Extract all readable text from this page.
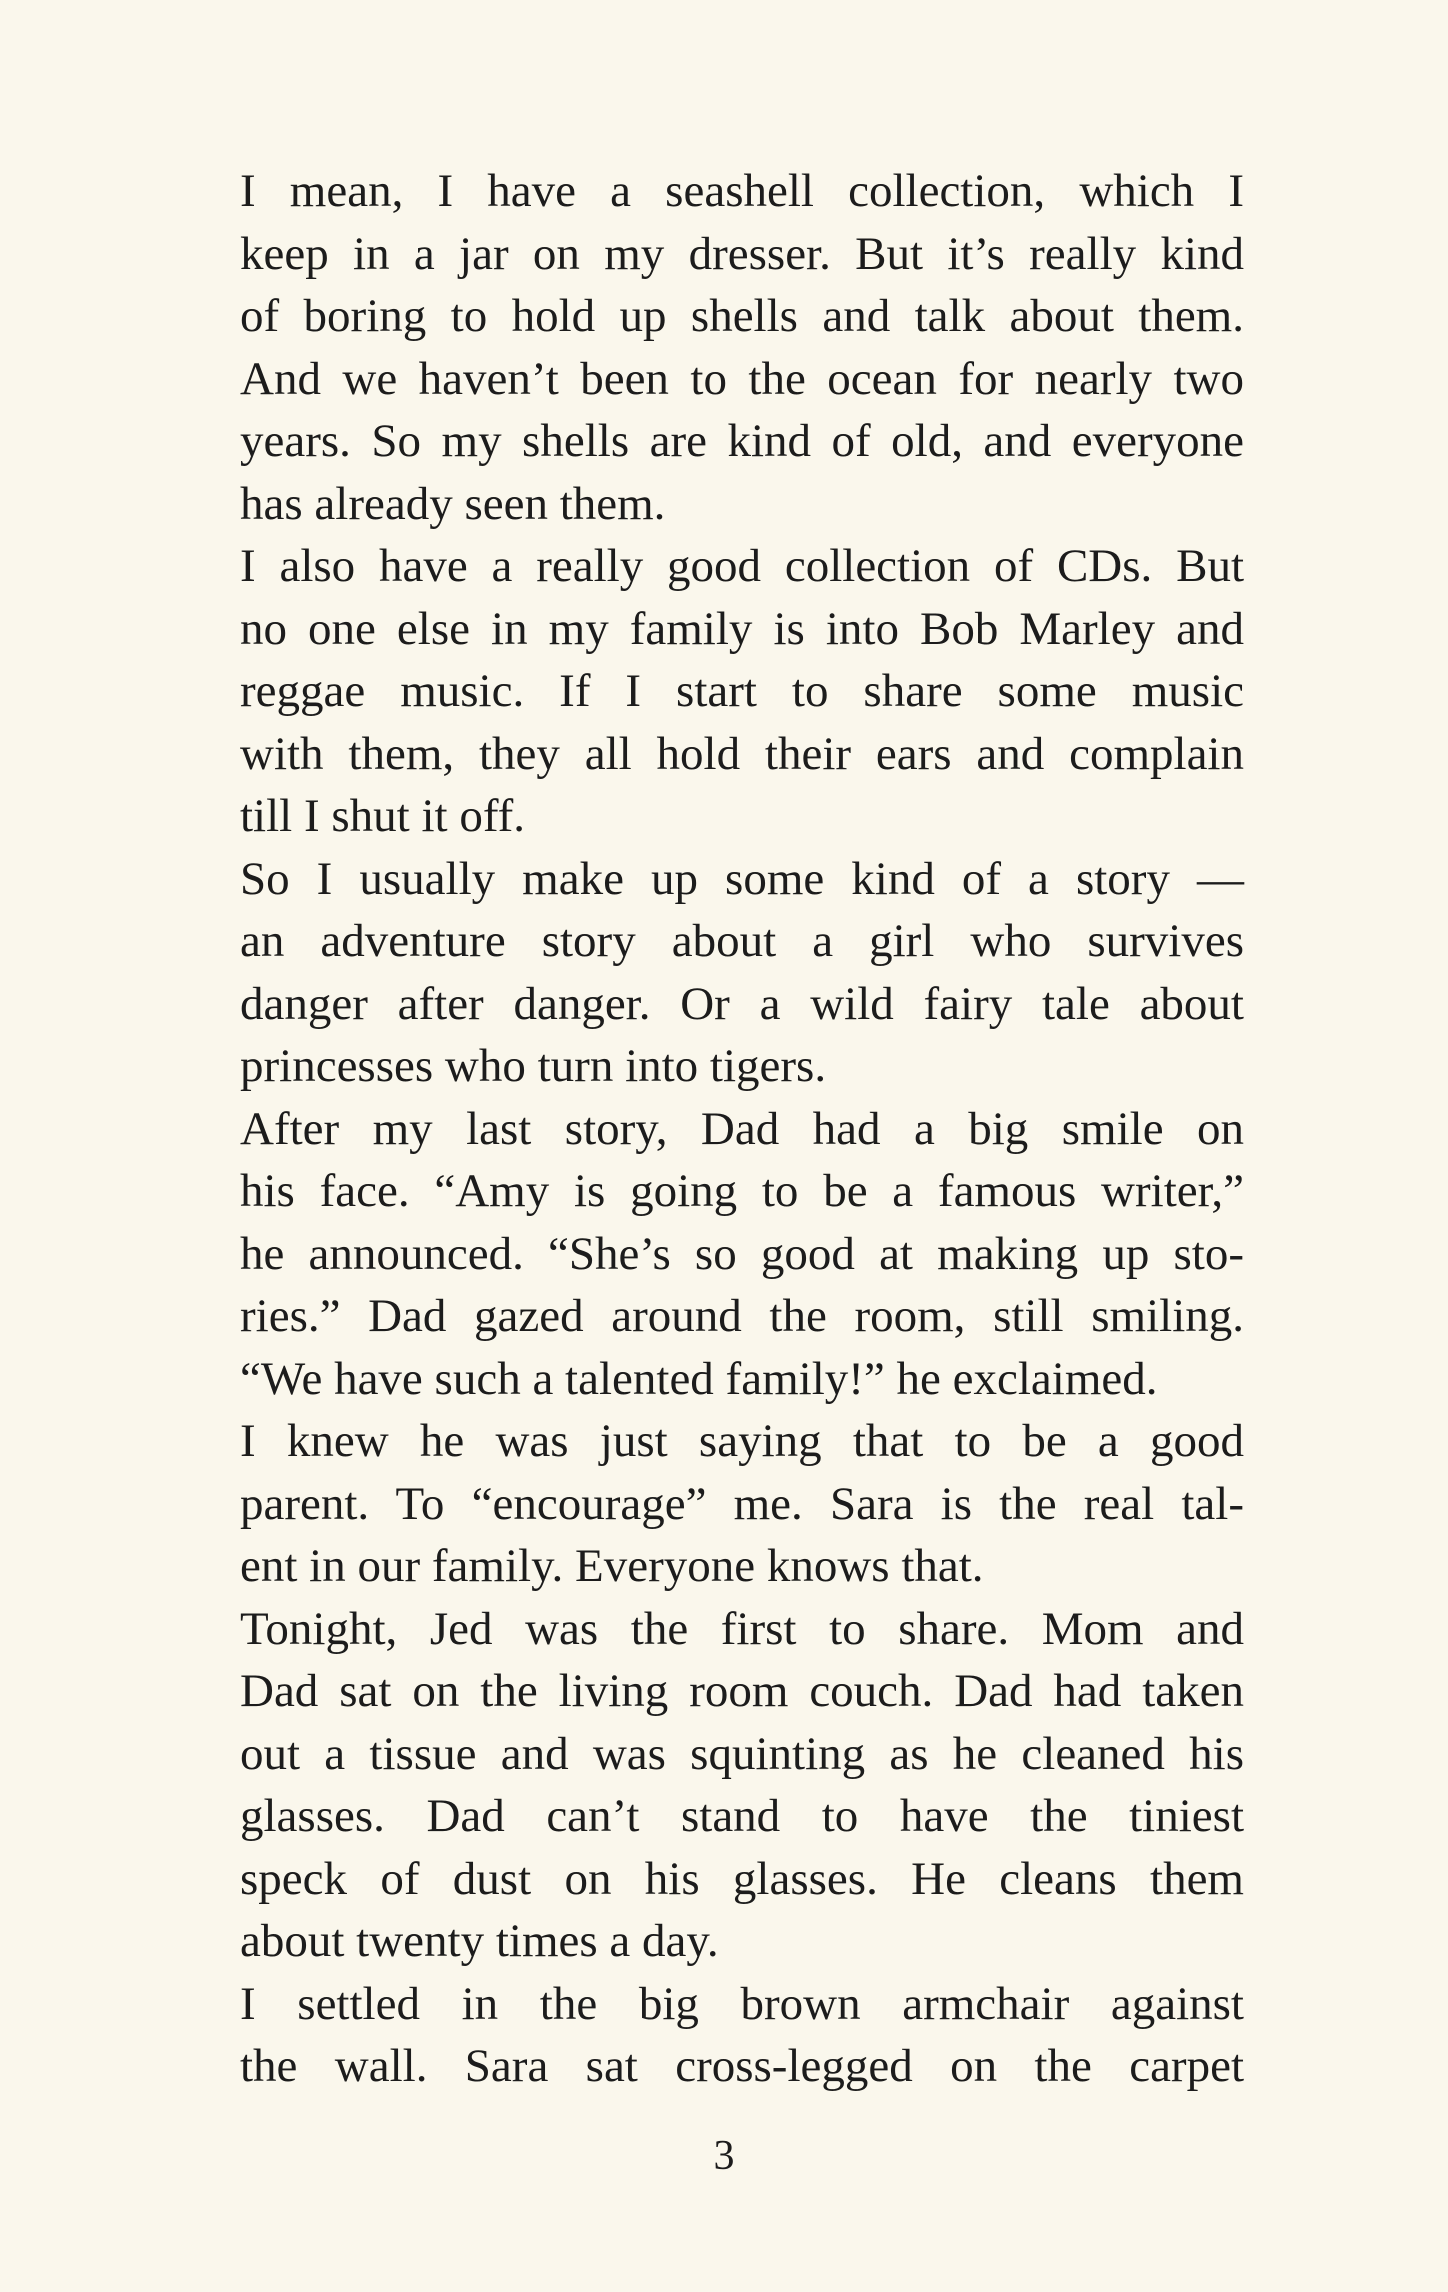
I mean, I have a seashell collection, which I
keep in a jar on my dresser. But it’s really kind
of boring to hold up shells and talk about them.
And we haven’t been to the ocean for nearly two
years. So my shells are kind of old, and everyone
has already seen them.

I also have a really good collection of CDs. But
no one else in my family is into Bob Marley and
reggae music. If I start to share some music
with them, they all hold their ears and complain
till I shut it off.

So I usually make up some kind of a story —
an adventure story about a girl who survives
danger after danger. Or a wild fairy tale about
princesses who turn into tigers.

After my last story, Dad had a big smile on
his face. “Amy is going to be a famous writer,”
he announced. “She’s so good at making up sto-
ries.” Dad gazed around the room, still smiling.
“We have such a talented family!” he exclaimed.

I knew he was just saying that to be a good
parent. To “encourage” me. Sara is the real tal-
ent in our family. Everyone knows that.

Tonight, Jed was the first to share. Mom and
Dad sat on the living room couch. Dad had taken
out a tissue and was squinting as he cleaned his
glasses. Dad can’t stand to have the tiniest
speck of dust on his glasses. He cleans them
about twenty times a day.

I settled in the big brown armchair against
the wall. Sara sat cross-legged on the carpet

3
